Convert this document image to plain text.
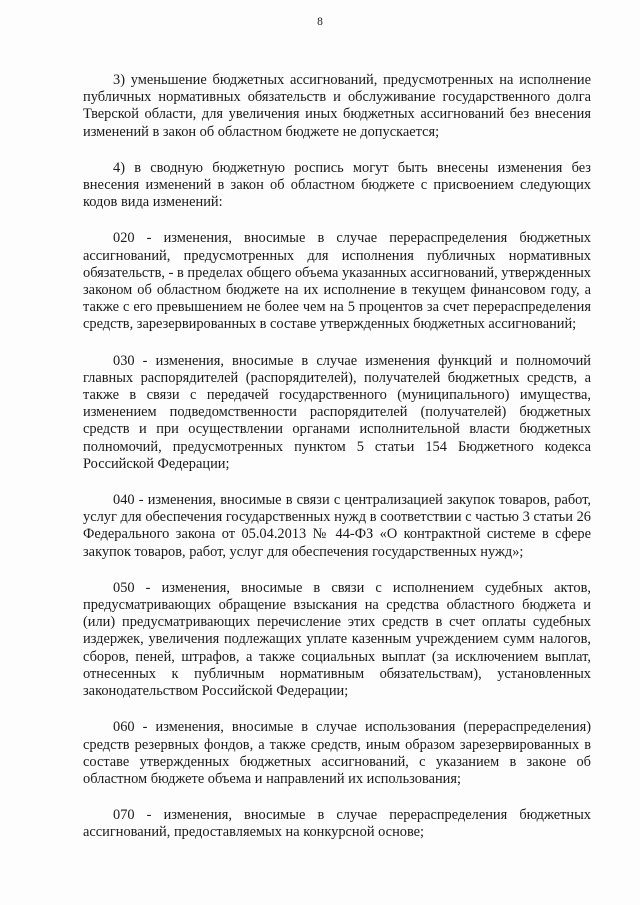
8

3) уменьшение бюджетных ассигнований, предусмотренных на исполнение публичных нормативных обязательств и обслуживание государственного долга Тверской области, для увеличения иных бюджетных ассигнований без внесения изменений в закон об областном бюджете не допускается;

4) в сводную бюджетную роспись могут быть внесены изменения без внесения изменений в закон об областном бюджете с присвоением следующих кодов вида изменений:

020 - изменения, вносимые в случае перераспределения бюджетных ассигнований, предусмотренных для исполнения публичных нормативных обязательств, - в пределах общего объема указанных ассигнований, утвержденных законом об областном бюджете на их исполнение в текущем финансовом году, а также с его превышением не более чем на 5 процентов за счет перераспределения средств, зарезервированных в составе утвержденных бюджетных ассигнований;

030 - изменения, вносимые в случае изменения функций и полномочий главных распорядителей (распорядителей), получателей бюджетных средств, а также в связи с передачей государственного (муниципального) имущества, изменением подведомственности распорядителей (получателей) бюджетных средств и при осуществлении органами исполнительной власти бюджетных полномочий, предусмотренных пунктом 5 статьи 154 Бюджетного кодекса Российской Федерации;

040 - изменения, вносимые в связи с централизацией закупок товаров, работ, услуг для обеспечения государственных нужд в соответствии с частью 3 статьи 26 Федерального закона от 05.04.2013 № 44-ФЗ «О контрактной системе в сфере закупок товаров, работ, услуг для обеспечения государственных нужд»;

050 - изменения, вносимые в связи с исполнением судебных актов, предусматривающих обращение взыскания на средства областного бюджета и (или) предусматривающих перечисление этих средств в счет оплаты судебных издержек, увеличения подлежащих уплате казенным учреждением сумм налогов, сборов, пеней, штрафов, а также социальных выплат (за исключением выплат, отнесенных к публичным нормативным обязательствам), установленных законодательством Российской Федерации;

060 - изменения, вносимые в случае использования (перераспределения) средств резервных фондов, а также средств, иным образом зарезервированных в составе утвержденных бюджетных ассигнований, с указанием в законе об областном бюджете объема и направлений их использования;

070 - изменения, вносимые в случае перераспределения бюджетных ассигнований, предоставляемых на конкурсной основе;
